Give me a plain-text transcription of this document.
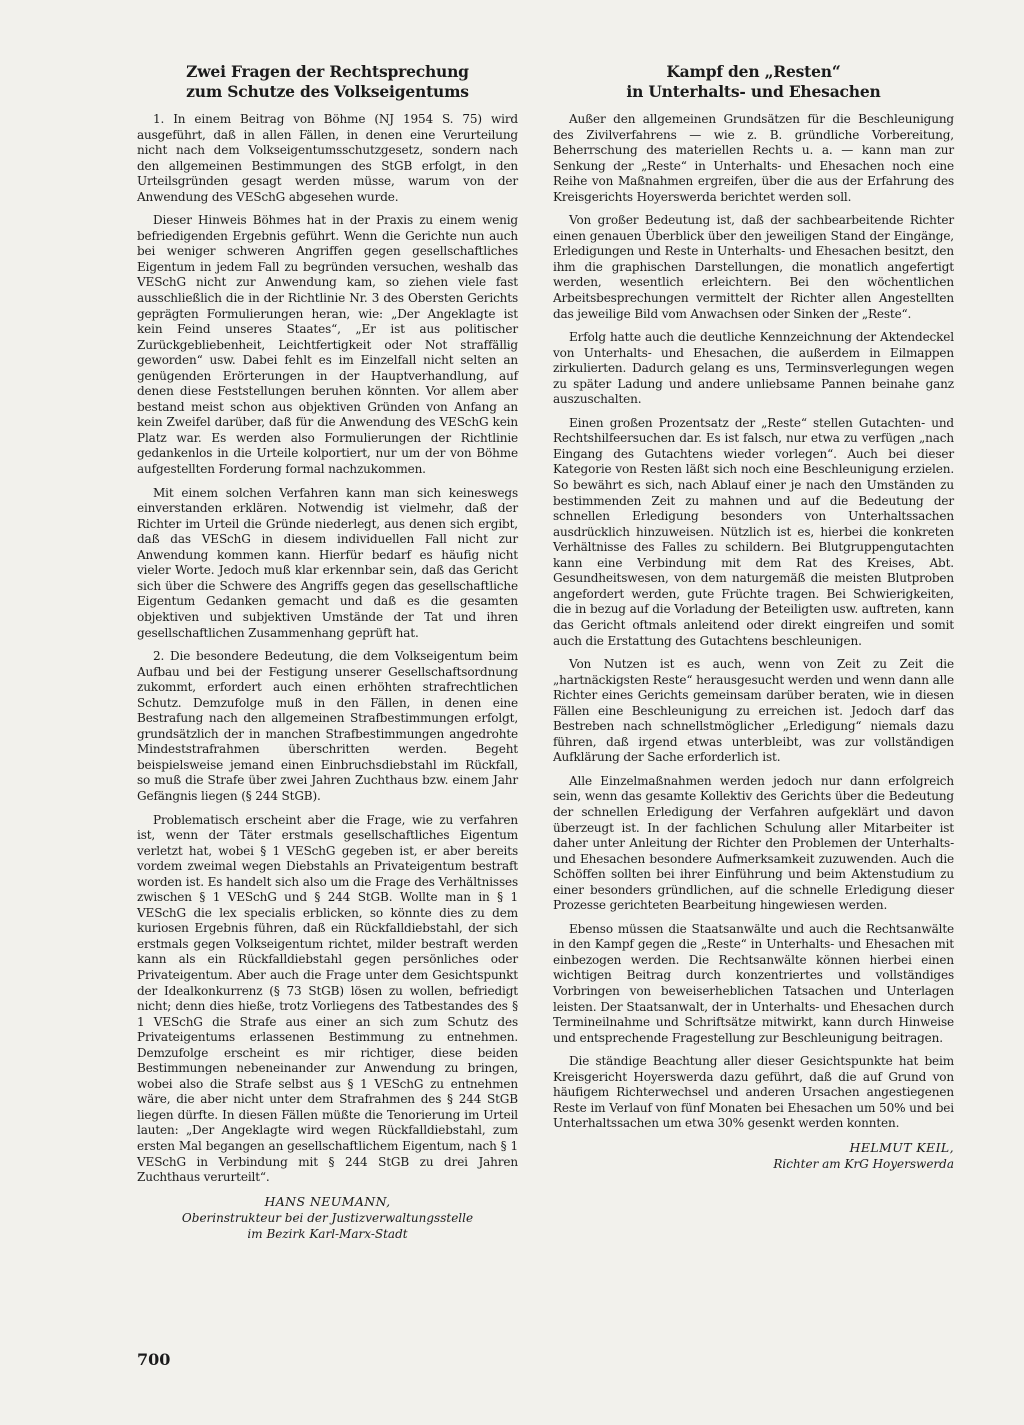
Zwei Fragen der Rechtsprechung
zum Schutze des Volkseigentums

1. In einem Beitrag von Böhme (NJ 1954 S. 75) wird ausgeführt, daß in allen Fällen, in denen eine Verurteilung nicht nach dem Volkseigentumsschutzgesetz, sondern nach den allgemeinen Bestimmungen des StGB erfolgt, in den Urteilsgründen gesagt werden müsse, warum von der Anwendung des VESchG abgesehen wurde.

Dieser Hinweis Böhmes hat in der Praxis zu einem wenig befriedigenden Ergebnis geführt. Wenn die Gerichte nun auch bei weniger schweren Angriffen gegen gesellschaftliches Eigentum in jedem Fall zu begründen versuchen, weshalb das VESchG nicht zur Anwendung kam, so ziehen viele fast ausschließlich die in der Richtlinie Nr. 3 des Obersten Gerichts geprägten Formulierungen heran, wie: „Der Angeklagte ist kein Feind unseres Staates“, „Er ist aus politischer Zurückgebliebenheit, Leichtfertigkeit oder Not straffällig geworden“ usw. Dabei fehlt es im Einzelfall nicht selten an genügenden Erörterungen in der Hauptverhandlung, auf denen diese Feststellungen beruhen könnten. Vor allem aber bestand meist schon aus objektiven Gründen von Anfang an kein Zweifel darüber, daß für die Anwendung des VESchG kein Platz war. Es werden also Formulierungen der Richtlinie gedankenlos in die Urteile kolportiert, nur um der von Böhme aufgestellten Forderung formal nachzukommen.

Mit einem solchen Verfahren kann man sich keineswegs einverstanden erklären. Notwendig ist vielmehr, daß der Richter im Urteil die Gründe niederlegt, aus denen sich ergibt, daß das VESchG in diesem individuellen Fall nicht zur Anwendung kommen kann. Hierfür bedarf es häufig nicht vieler Worte. Jedoch muß klar erkennbar sein, daß das Gericht sich über die Schwere des Angriffs gegen das gesellschaftliche Eigentum Gedanken gemacht und daß es die gesamten objektiven und subjektiven Umstände der Tat und ihren gesellschaftlichen Zusammenhang geprüft hat.

2. Die besondere Bedeutung, die dem Volkseigentum beim Aufbau und bei der Festigung unserer Gesellschaftsordnung zukommt, erfordert auch einen erhöhten strafrechtlichen Schutz. Demzufolge muß in den Fällen, in denen eine Bestrafung nach den allgemeinen Strafbestimmungen erfolgt, grundsätzlich der in manchen Strafbestimmungen angedrohte Mindeststrafrahmen überschritten werden. Begeht beispielsweise jemand einen Einbruchsdiebstahl im Rückfall, so muß die Strafe über zwei Jahren Zuchthaus bzw. einem Jahr Gefängnis liegen (§ 244 StGB).

Problematisch erscheint aber die Frage, wie zu verfahren ist, wenn der Täter erstmals gesellschaftliches Eigentum verletzt hat, wobei § 1 VESchG gegeben ist, er aber bereits vordem zweimal wegen Diebstahls an Privateigentum bestraft worden ist. Es handelt sich also um die Frage des Verhältnisses zwischen § 1 VESchG und § 244 StGB. Wollte man in § 1 VESchG die lex specialis erblicken, so könnte dies zu dem kuriosen Ergebnis führen, daß ein Rückfalldiebstahl, der sich erstmals gegen Volkseigentum richtet, milder bestraft werden kann als ein Rückfalldiebstahl gegen persönliches oder Privateigentum. Aber auch die Frage unter dem Gesichtspunkt der Idealkonkurrenz (§ 73 StGB) lösen zu wollen, befriedigt nicht; denn dies hieße, trotz Vorliegens des Tatbestandes des § 1 VESchG die Strafe aus einer an sich zum Schutz des Privateigentums erlassenen Bestimmung zu entnehmen. Demzufolge erscheint es mir richtiger, diese beiden Bestimmungen nebeneinander zur Anwendung zu bringen, wobei also die Strafe selbst aus § 1 VESchG zu entnehmen wäre, die aber nicht unter dem Strafrahmen des § 244 StGB liegen dürfte. In diesen Fällen müßte die Tenorierung im Urteil lauten: „Der Angeklagte wird wegen Rückfalldiebstahl, zum ersten Mal begangen an gesellschaftlichem Eigentum, nach § 1 VESchG in Verbindung mit § 244 StGB zu drei Jahren Zuchthaus verurteilt“.

HANS NEUMANN,
Oberinstrukteur bei der Justizverwaltungsstelle
im Bezirk Karl-Marx-Stadt
Kampf den „Resten“
in Unterhalts- und Ehesachen

Außer den allgemeinen Grundsätzen für die Beschleunigung des Zivilverfahrens — wie z. B. gründliche Vorbereitung, Beherrschung des materiellen Rechts u. a. — kann man zur Senkung der „Reste“ in Unterhalts- und Ehesachen noch eine Reihe von Maßnahmen ergreifen, über die aus der Erfahrung des Kreisgerichts Hoyerswerda berichtet werden soll.

Von großer Bedeutung ist, daß der sachbearbeitende Richter einen genauen Überblick über den jeweiligen Stand der Eingänge, Erledigungen und Reste in Unterhalts- und Ehesachen besitzt, den ihm die graphischen Darstellungen, die monatlich angefertigt werden, wesentlich erleichtern. Bei den wöchentlichen Arbeitsbesprechungen vermittelt der Richter allen Angestellten das jeweilige Bild vom Anwachsen oder Sinken der „Reste“.

Erfolg hatte auch die deutliche Kennzeichnung der Aktendeckel von Unterhalts- und Ehesachen, die außerdem in Eilmappen zirkulierten. Dadurch gelang es uns, Terminsverlegungen wegen zu später Ladung und andere unliebsame Pannen beinahe ganz auszuschalten.

Einen großen Prozentsatz der „Reste“ stellen Gutachten- und Rechtshilfeersuchen dar. Es ist falsch, nur etwa zu verfügen „nach Eingang des Gutachtens wieder vorlegen“. Auch bei dieser Kategorie von Resten läßt sich noch eine Beschleunigung erzielen. So bewährt es sich, nach Ablauf einer je nach den Umständen zu bestimmenden Zeit zu mahnen und auf die Bedeutung der schnellen Erledigung besonders von Unterhaltssachen ausdrücklich hinzuweisen. Nützlich ist es, hierbei die konkreten Verhältnisse des Falles zu schildern. Bei Blutgruppengutachten kann eine Verbindung mit dem Rat des Kreises, Abt. Gesundheitswesen, von dem naturgemäß die meisten Blutproben angefordert werden, gute Früchte tragen. Bei Schwierigkeiten, die in bezug auf die Vorladung der Beteiligten usw. auftreten, kann das Gericht oftmals anleitend oder direkt eingreifen und somit auch die Erstattung des Gutachtens beschleunigen.

Von Nutzen ist es auch, wenn von Zeit zu Zeit die „hartnäckigsten Reste“ herausgesucht werden und wenn dann alle Richter eines Gerichts gemeinsam darüber beraten, wie in diesen Fällen eine Beschleunigung zu erreichen ist. Jedoch darf das Bestreben nach schnellstmöglicher „Erledigung“ niemals dazu führen, daß irgend etwas unterbleibt, was zur vollständigen Aufklärung der Sache erforderlich ist.

Alle Einzelmaßnahmen werden jedoch nur dann erfolgreich sein, wenn das gesamte Kollektiv des Gerichts über die Bedeutung der schnellen Erledigung der Verfahren aufgeklärt und davon überzeugt ist. In der fachlichen Schulung aller Mitarbeiter ist daher unter Anleitung der Richter den Problemen der Unterhalts- und Ehesachen besondere Aufmerksamkeit zuzuwenden. Auch die Schöffen sollten bei ihrer Einführung und beim Aktenstudium zu einer besonders gründlichen, auf die schnelle Erledigung dieser Prozesse gerichteten Bearbeitung hingewiesen werden.

Ebenso müssen die Staatsanwälte und auch die Rechtsanwälte in den Kampf gegen die „Reste“ in Unterhalts- und Ehesachen mit einbezogen werden. Die Rechtsanwälte können hierbei einen wichtigen Beitrag durch konzentriertes und vollständiges Vorbringen von beweiserheblichen Tatsachen und Unterlagen leisten. Der Staatsanwalt, der in Unterhalts- und Ehesachen durch Termineilnahme und Schriftsätze mitwirkt, kann durch Hinweise und entsprechende Fragestellung zur Beschleunigung beitragen.

Die ständige Beachtung aller dieser Gesichtspunkte hat beim Kreisgericht Hoyerswerda dazu geführt, daß die auf Grund von häufigem Richterwechsel und anderen Ursachen angestiegenen Reste im Verlauf von fünf Monaten bei Ehesachen um 50% und bei Unterhaltssachen um etwa 30% gesenkt werden konnten.

HELMUT KEIL,
Richter am KrG Hoyerswerda
700
